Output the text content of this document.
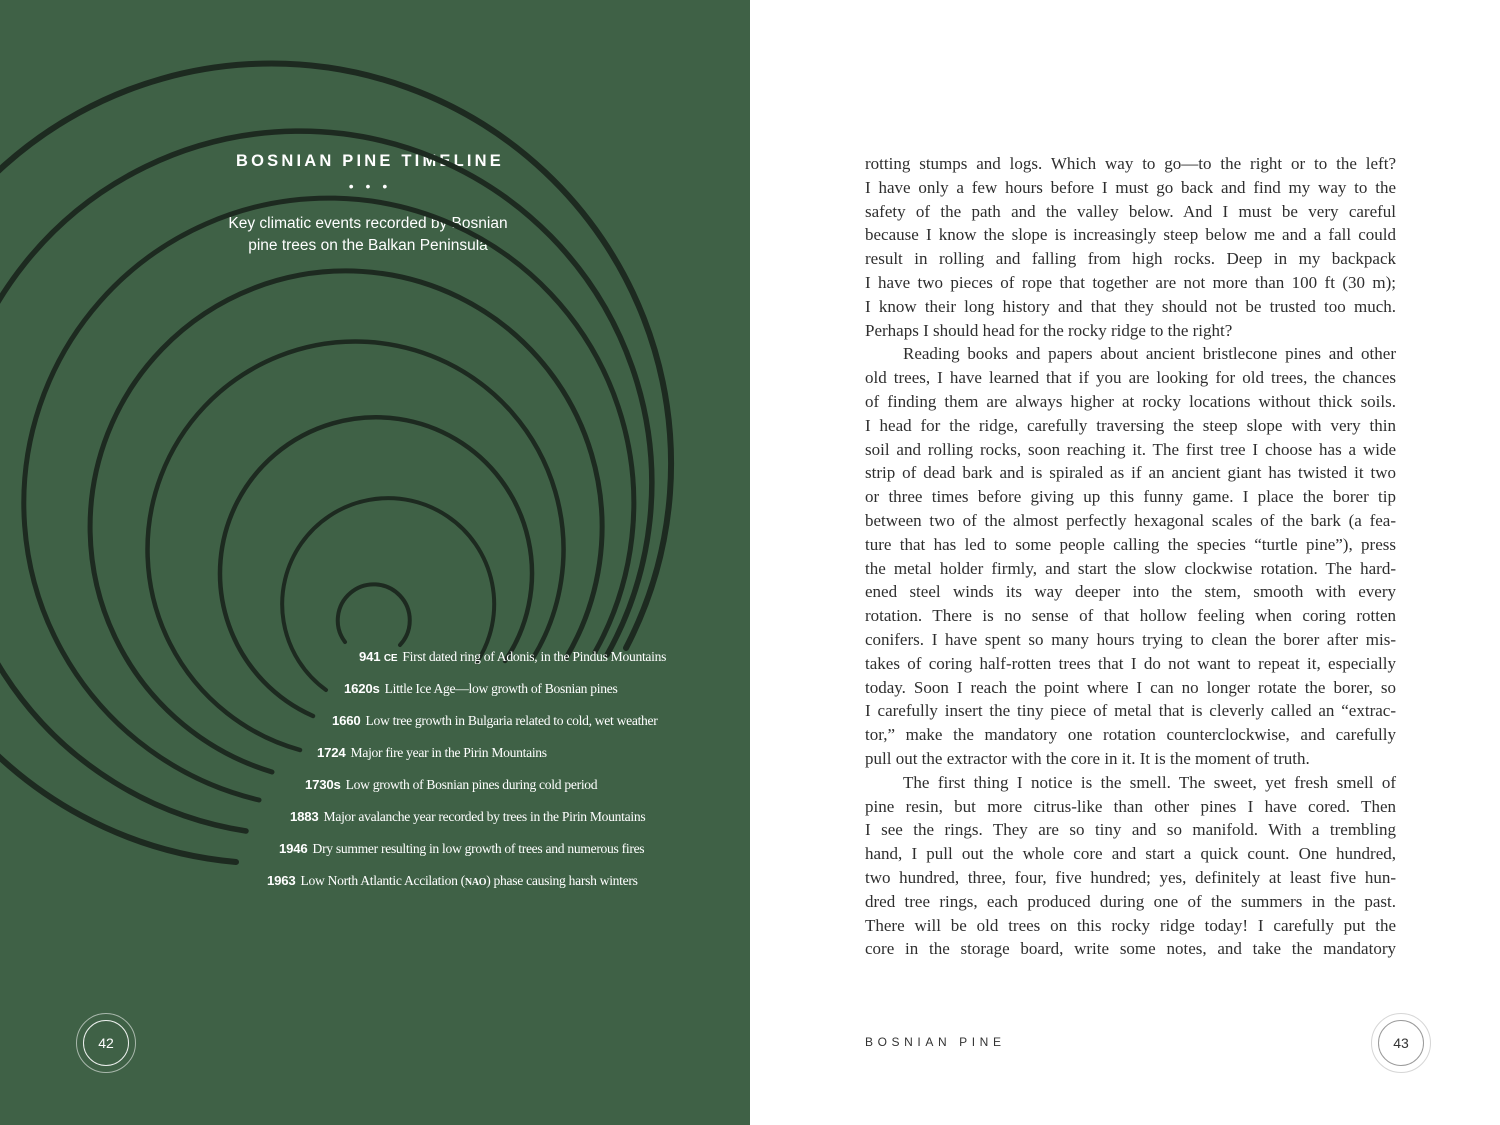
BOSNIAN PINE TIMELINE
• • •
Key climatic events recorded by Bosnian
pine trees on the Balkan Peninsula
941 CE First dated ring of Adonis, in the Pindus Mountains
1620s Little Ice Age—low growth of Bosnian pines
1660 Low tree growth in Bulgaria related to cold, wet weather
1724 Major fire year in the Pirin Mountains
1730s Low growth of Bosnian pines during cold period
1883 Major avalanche year recorded by trees in the Pirin Mountains
1946 Dry summer resulting in low growth of trees and numerous fires
1963 Low North Atlantic Accilation (NAO) phase causing harsh winters
42
rotting stumps and logs. Which way to go—to the right or to the left?
I have only a few hours before I must go back and find my way to the
safety of the path and the valley below. And I must be very careful
because I know the slope is increasingly steep below me and a fall could
result in rolling and falling from high rocks. Deep in my backpack
I have two pieces of rope that together are not more than 100 ft (30 m);
I know their long history and that they should not be trusted too much.
Perhaps I should head for the rocky ridge to the right?
Reading books and papers about ancient bristlecone pines and other
old trees, I have learned that if you are looking for old trees, the chances
of finding them are always higher at rocky locations without thick soils.
I head for the ridge, carefully traversing the steep slope with very thin
soil and rolling rocks, soon reaching it. The first tree I choose has a wide
strip of dead bark and is spiraled as if an ancient giant has twisted it two
or three times before giving up this funny game. I place the borer tip
between two of the almost perfectly hexagonal scales of the bark (a fea-
ture that has led to some people calling the species “turtle pine”), press
the metal holder firmly, and start the slow clockwise rotation. The hard-
ened steel winds its way deeper into the stem, smooth with every
rotation. There is no sense of that hollow feeling when coring rotten
conifers. I have spent so many hours trying to clean the borer after mis-
takes of coring half-rotten trees that I do not want to repeat it, especially
today. Soon I reach the point where I can no longer rotate the borer, so
I carefully insert the tiny piece of metal that is cleverly called an “extrac-
tor,” make the mandatory one rotation counterclockwise, and carefully
pull out the extractor with the core in it. It is the moment of truth.
The first thing I notice is the smell. The sweet, yet fresh smell of
pine resin, but more citrus-like than other pines I have cored. Then
I see the rings. They are so tiny and so manifold. With a trembling
hand, I pull out the whole core and start a quick count. One hundred,
two hundred, three, four, five hundred; yes, definitely at least five hun-
dred tree rings, each produced during one of the summers in the past.
There will be old trees on this rocky ridge today! I carefully put the
core in the storage board, write some notes, and take the mandatory
BOSNIAN PINE	43
